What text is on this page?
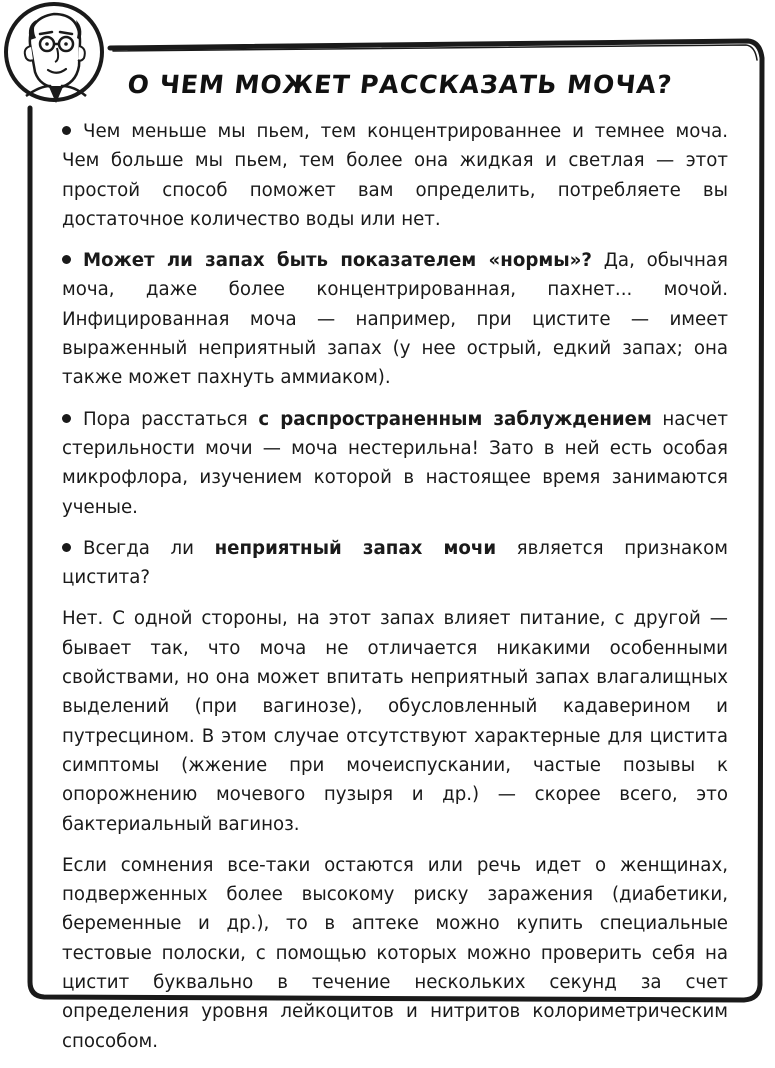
О ЧЕМ МОЖЕТ РАССКАЗАТЬ МОЧА?

Чем меньше мы пьем, тем концентрированнее и темнее моча. Чем больше мы пьем, тем более она жидкая и светлая — этот простой способ поможет вам определить, потребляете вы достаточное количество воды или нет.

Может ли запах быть показателем «нормы»? Да, обычная моча, даже более концентрированная, пахнет... мочой. Инфицированная моча — например, при цистите — имеет выраженный неприятный запах (у нее острый, едкий запах; она также может пахнуть аммиаком).

Пора расстаться с распространенным заблуждением насчет стерильности мочи — моча нестерильна! Зато в ней есть особая микрофлора, изучением которой в настоящее время занимаются ученые.

Всегда ли неприятный запах мочи является признаком цистита?

Нет. С одной стороны, на этот запах влияет питание, с другой — бывает так, что моча не отличается никакими особенными свойствами, но она может впитать неприятный запах влагалищных выделений (при вагинозе), обусловленный кадаверином и путресцином. В этом случае отсутствуют характерные для цистита симптомы (жжение при мочеиспускании, частые позывы к опорожнению мочевого пузыря и др.) — скорее всего, это бактериальный вагиноз.

Если сомнения все-таки остаются или речь идет о женщинах, подверженных более высокому риску заражения (диабетики, беременные и др.), то в аптеке можно купить специальные тестовые полоски, с помощью которых можно проверить себя на цистит буквально в течение нескольких секунд за счет определения уровня лейкоцитов и нитритов колориметрическим способом.
